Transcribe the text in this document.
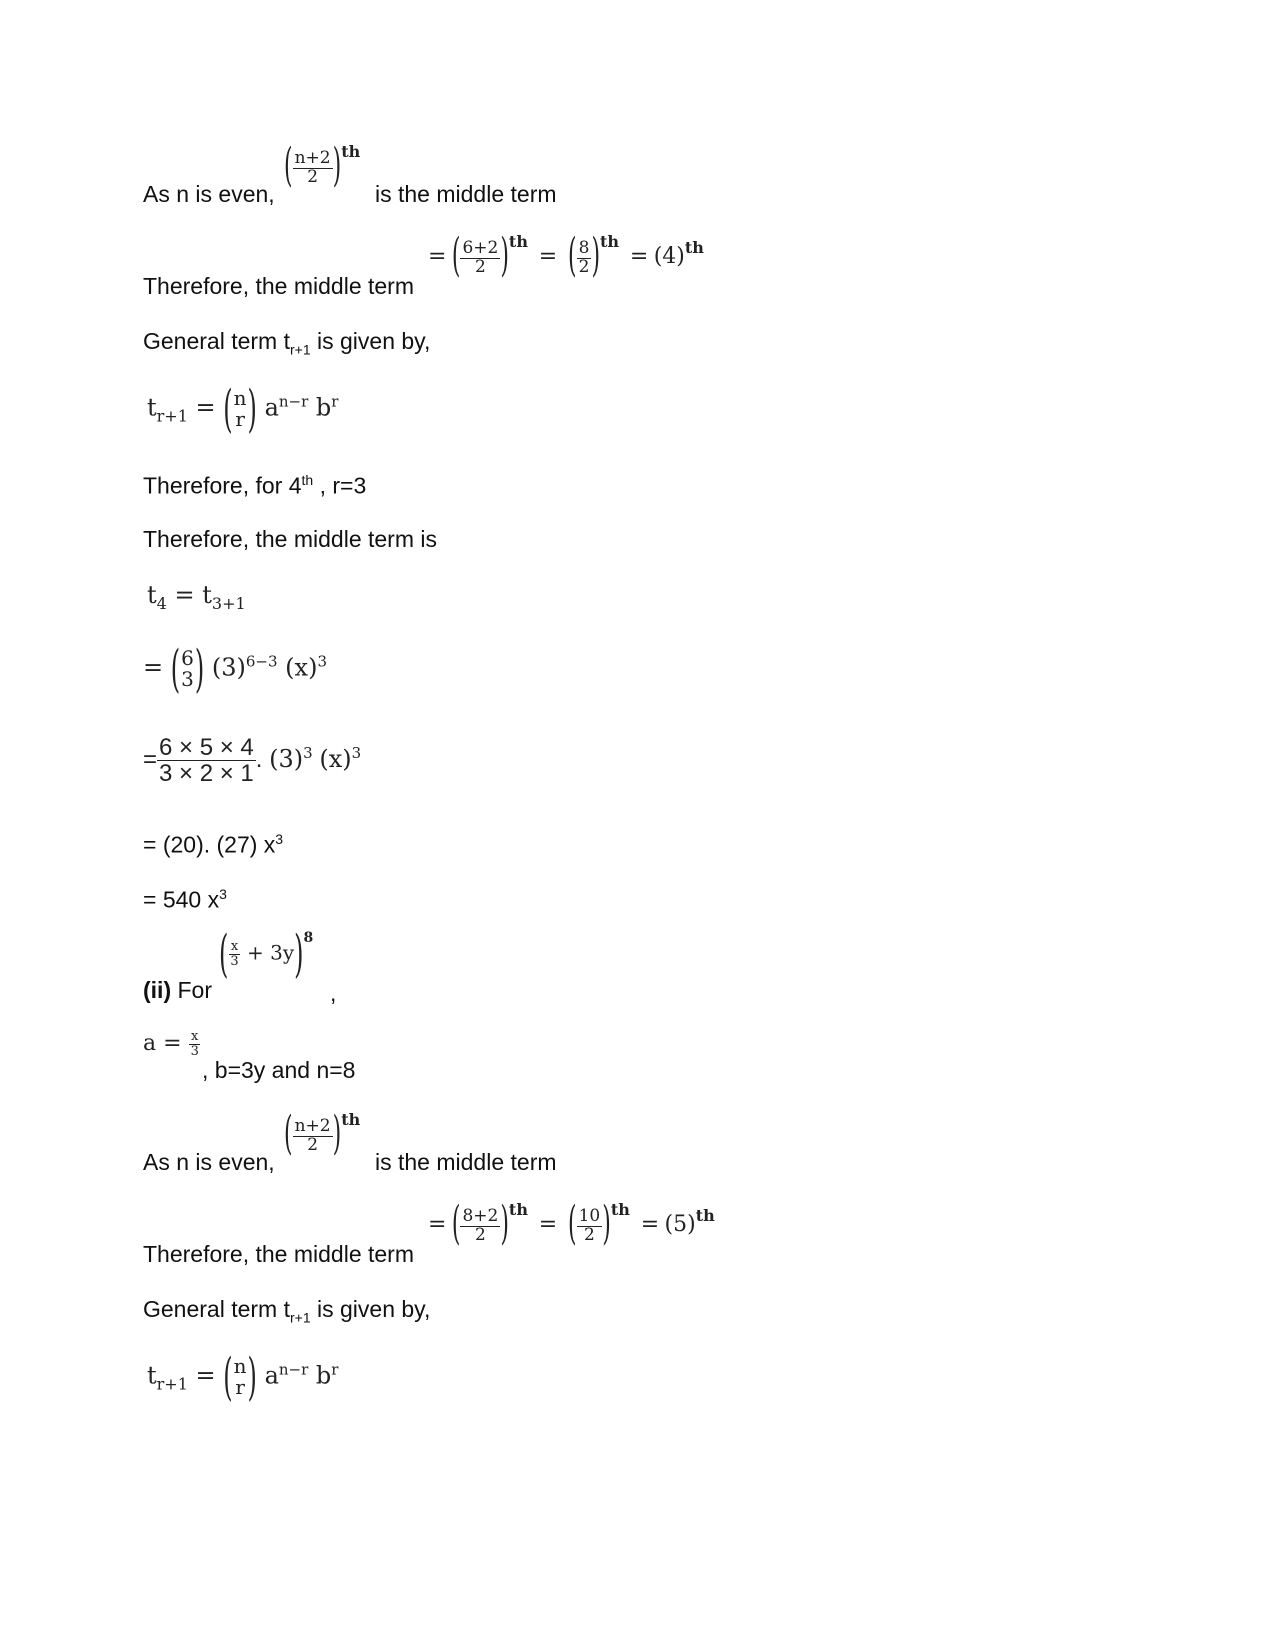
As n is even,
( $\frac{n+2}{2} )th$
is the middle term
Therefore, the middle term
= ( $\frac{6+2}{2} )th$  = ( $\frac{8}{2} )th = (4)th$
General term $t_{r+1}$ is given by,
$t_{r+1}$ = ( n
r ) $a^{n-r}$ $b^r$
Therefore, for 4th , r=3
Therefore, the middle term is
$t_4 = t_{3+1}$
= ( 6
3 ) $(3)^{6-3}$ $(x)^3$
= $\frac{6 \times 5 \times 4}{3 \times 2 \times 1}$ . $(3)^3$ $(x)^3$
= (20). (27) $x^3$
= 540 $x^3$
(ii) For
( $\frac{x}{3} + 3y)^8$
,
$a = \frac{x}{3}$
, b=3y and n=8
As n is even,
( $\frac{n+2}{2} )th$
is the middle term
Therefore, the middle term
= ( $\frac{8+2}{2} )th$  = ( $\frac{10}{2} )th = (5)th$
General term $t_{r+1}$ is given by,
$t_{r+1}$ = ( n
r ) $a^{n-r}$ $b^r$
